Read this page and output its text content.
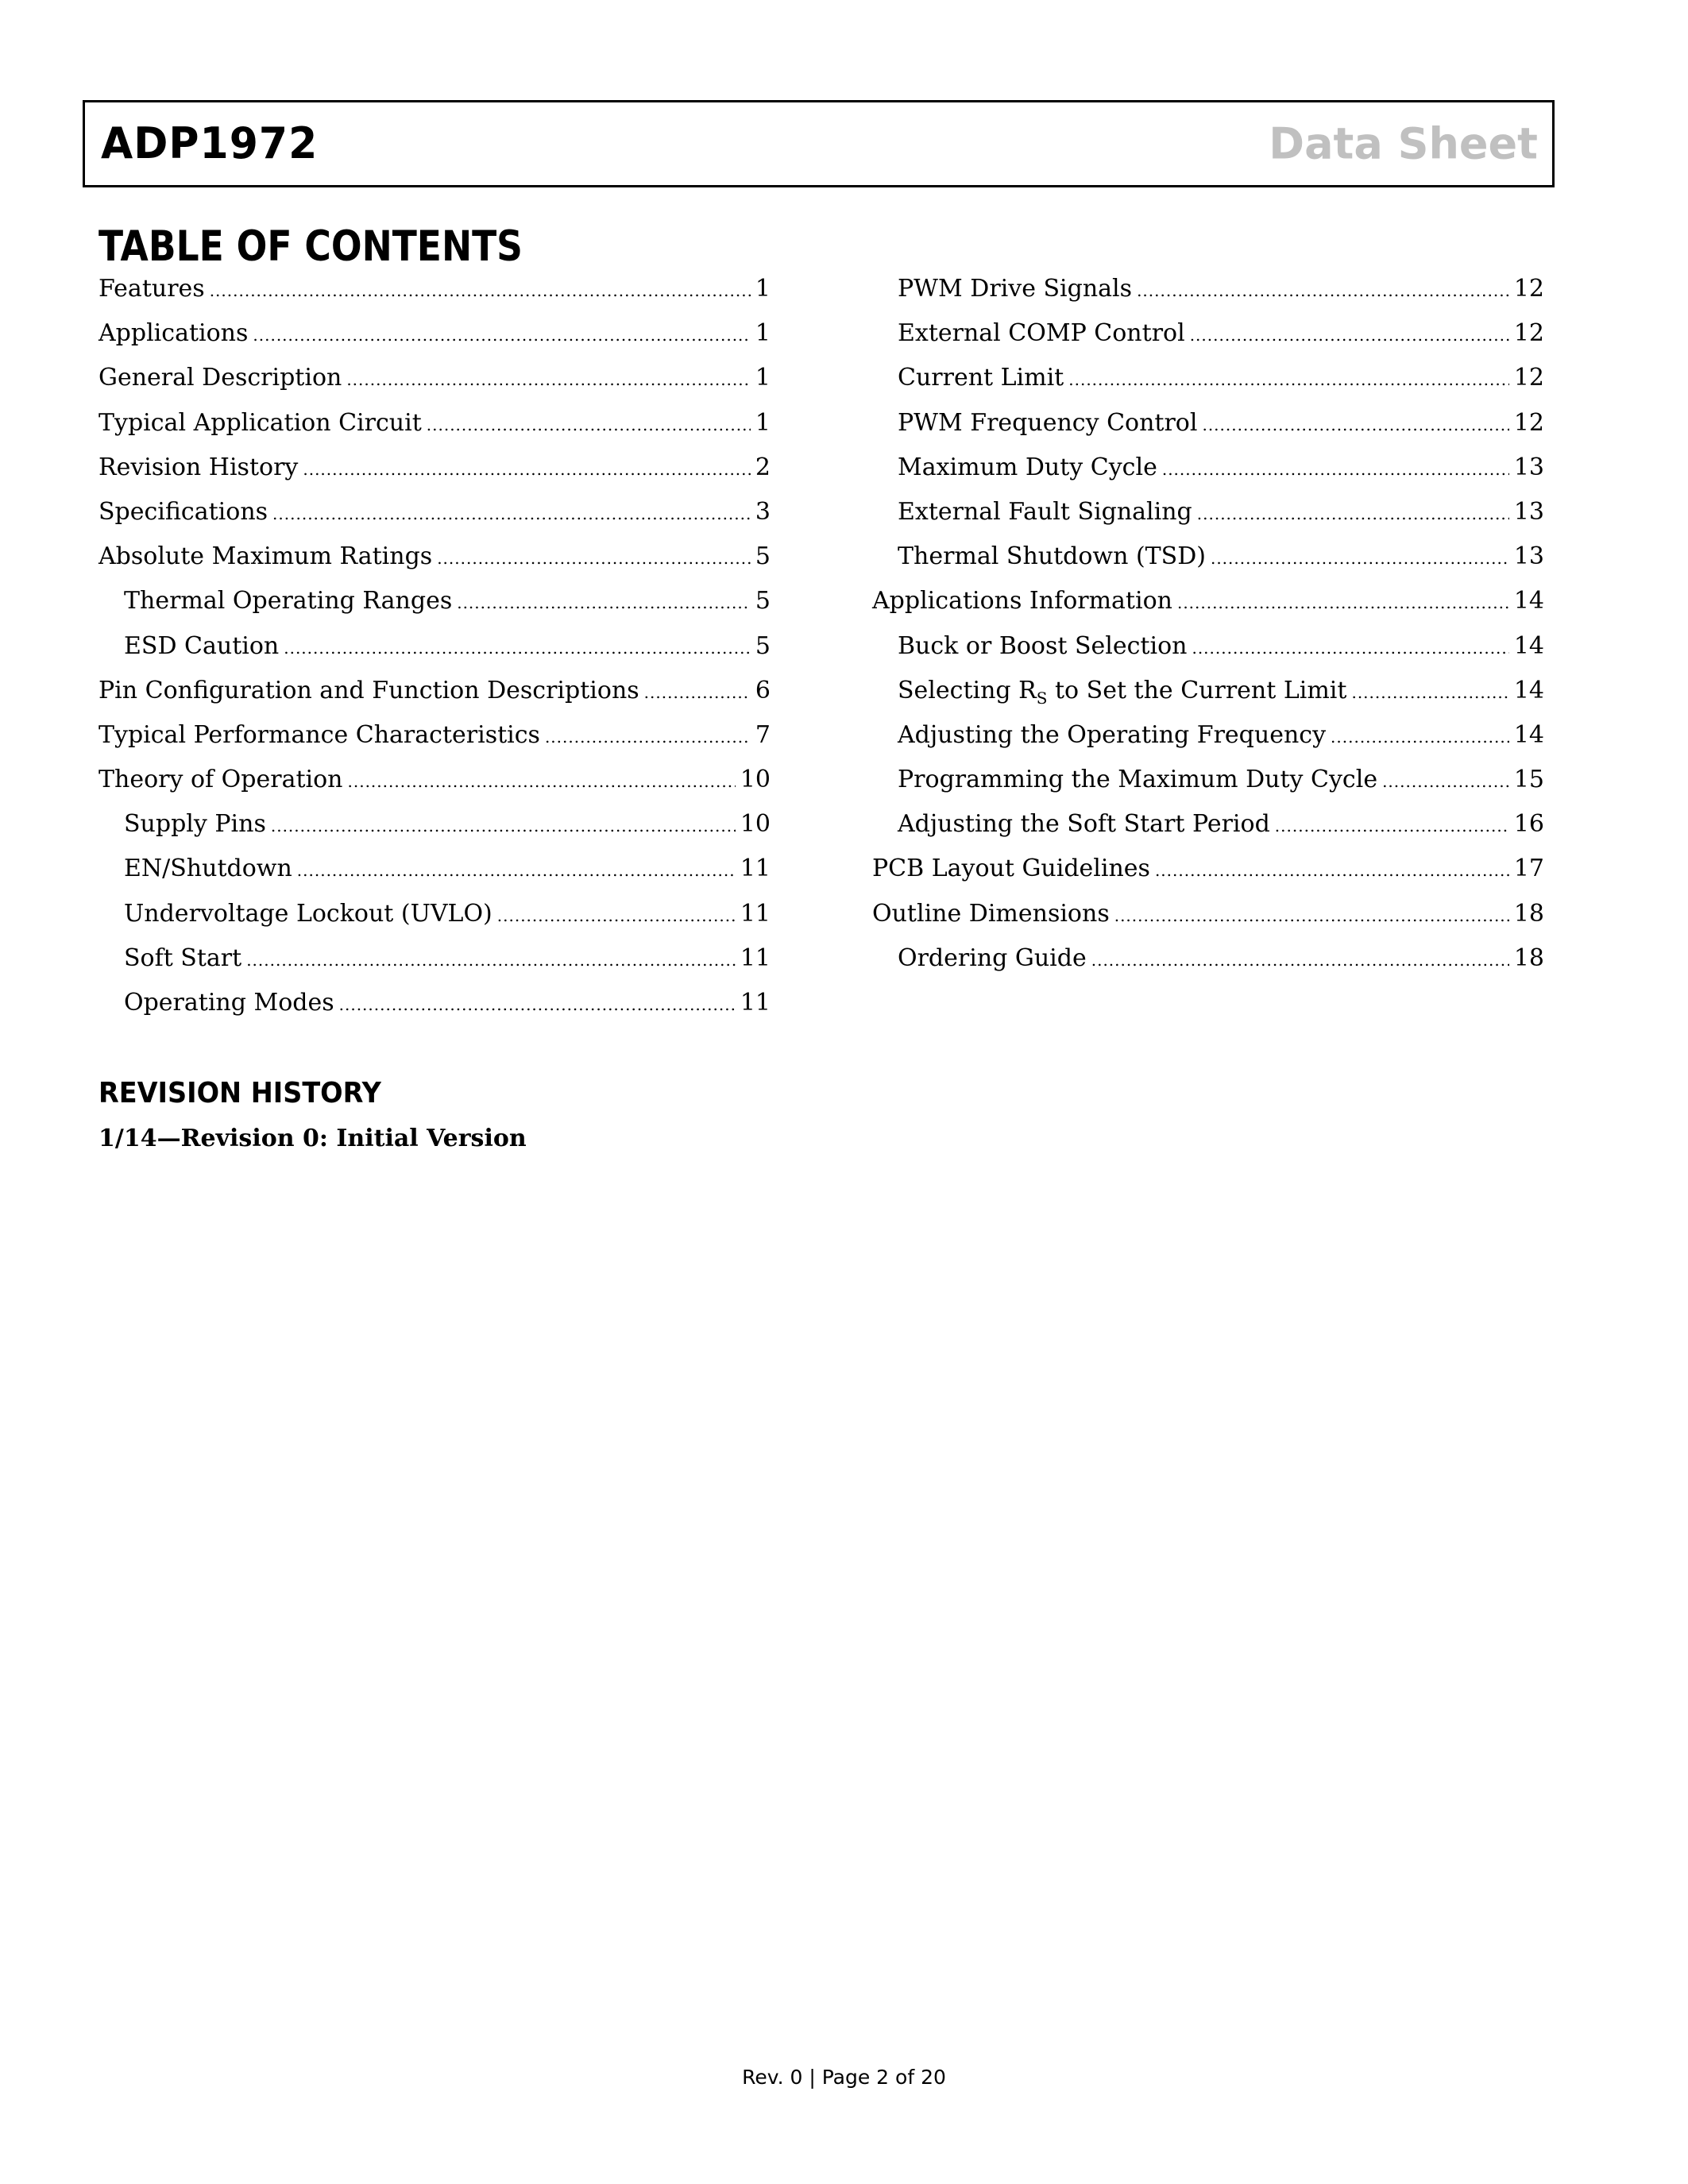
ADP1972	Data Sheet
TABLE OF CONTENTS
Features .....	1
Applications .....	1
General Description .....	1
Typical Application Circuit .....	1
Revision History .....	2
Specifications .....	3
Absolute Maximum Ratings .....	5
Thermal Operating Ranges .....	5
ESD Caution .....	5
Pin Configuration and Function Descriptions .....	6
Typical Performance Characteristics .....	7
Theory of Operation .....	10
Supply Pins .....	10
EN/Shutdown .....	11
Undervoltage Lockout (UVLO) .....	11
Soft Start .....	11
Operating Modes .....	11
PWM Drive Signals .....	12
External COMP Control .....	12
Current Limit .....	12
PWM Frequency Control .....	12
Maximum Duty Cycle .....	13
External Fault Signaling .....	13
Thermal Shutdown (TSD) .....	13
Applications Information .....	14
Buck or Boost Selection .....	14
Selecting $R_S$ to Set the Current Limit .....	14
Adjusting the Operating Frequency .....	14
Programming the Maximum Duty Cycle .....	15
Adjusting the Soft Start Period .....	16
PCB Layout Guidelines .....	17
Outline Dimensions .....	18
Ordering Guide .....	18
REVISION HISTORY
1/14—Revision 0: Initial Version
Rev. 0 | Page 2 of 20
